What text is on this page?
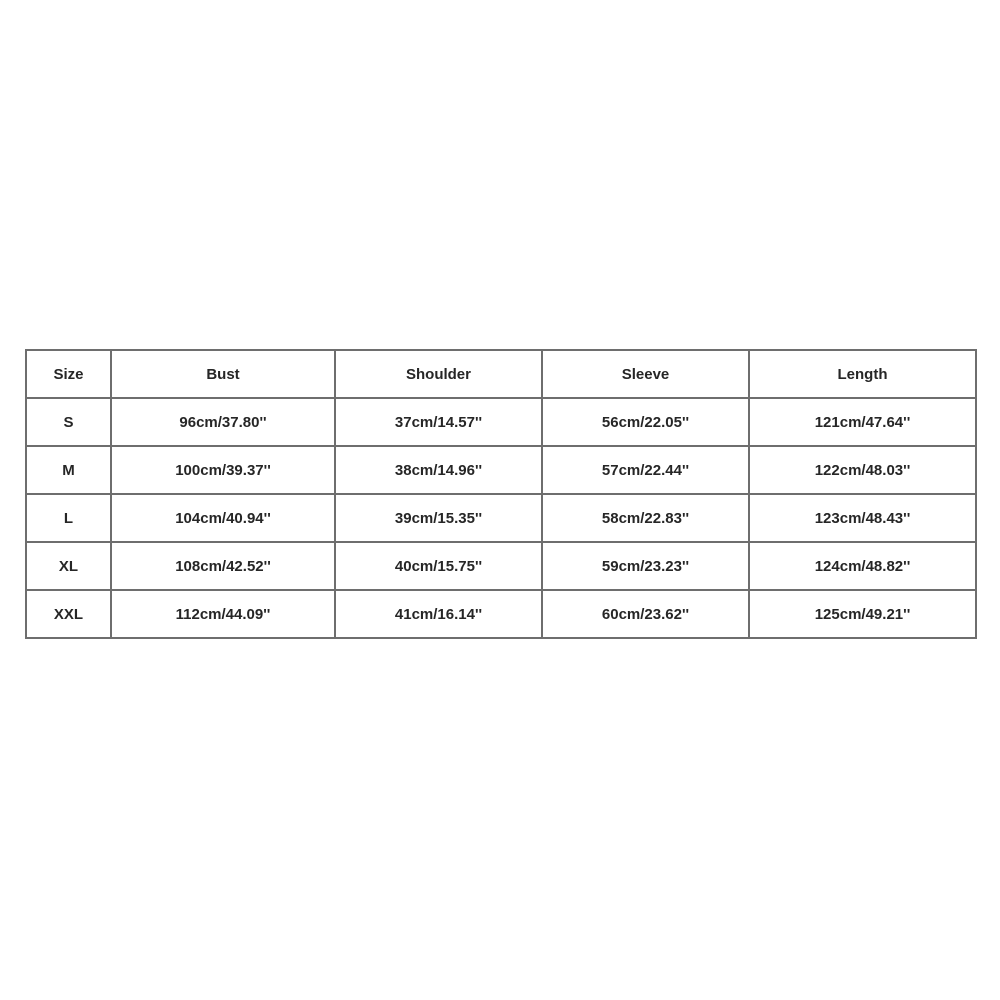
Size	Bust	Shoulder	Sleeve	Length
S	96cm/37.80''	37cm/14.57''	56cm/22.05''	121cm/47.64''
M	100cm/39.37''	38cm/14.96''	57cm/22.44''	122cm/48.03''
L	104cm/40.94''	39cm/15.35''	58cm/22.83''	123cm/48.43''
XL	108cm/42.52''	40cm/15.75''	59cm/23.23''	124cm/48.82''
XXL	112cm/44.09''	41cm/16.14''	60cm/23.62''	125cm/49.21''
